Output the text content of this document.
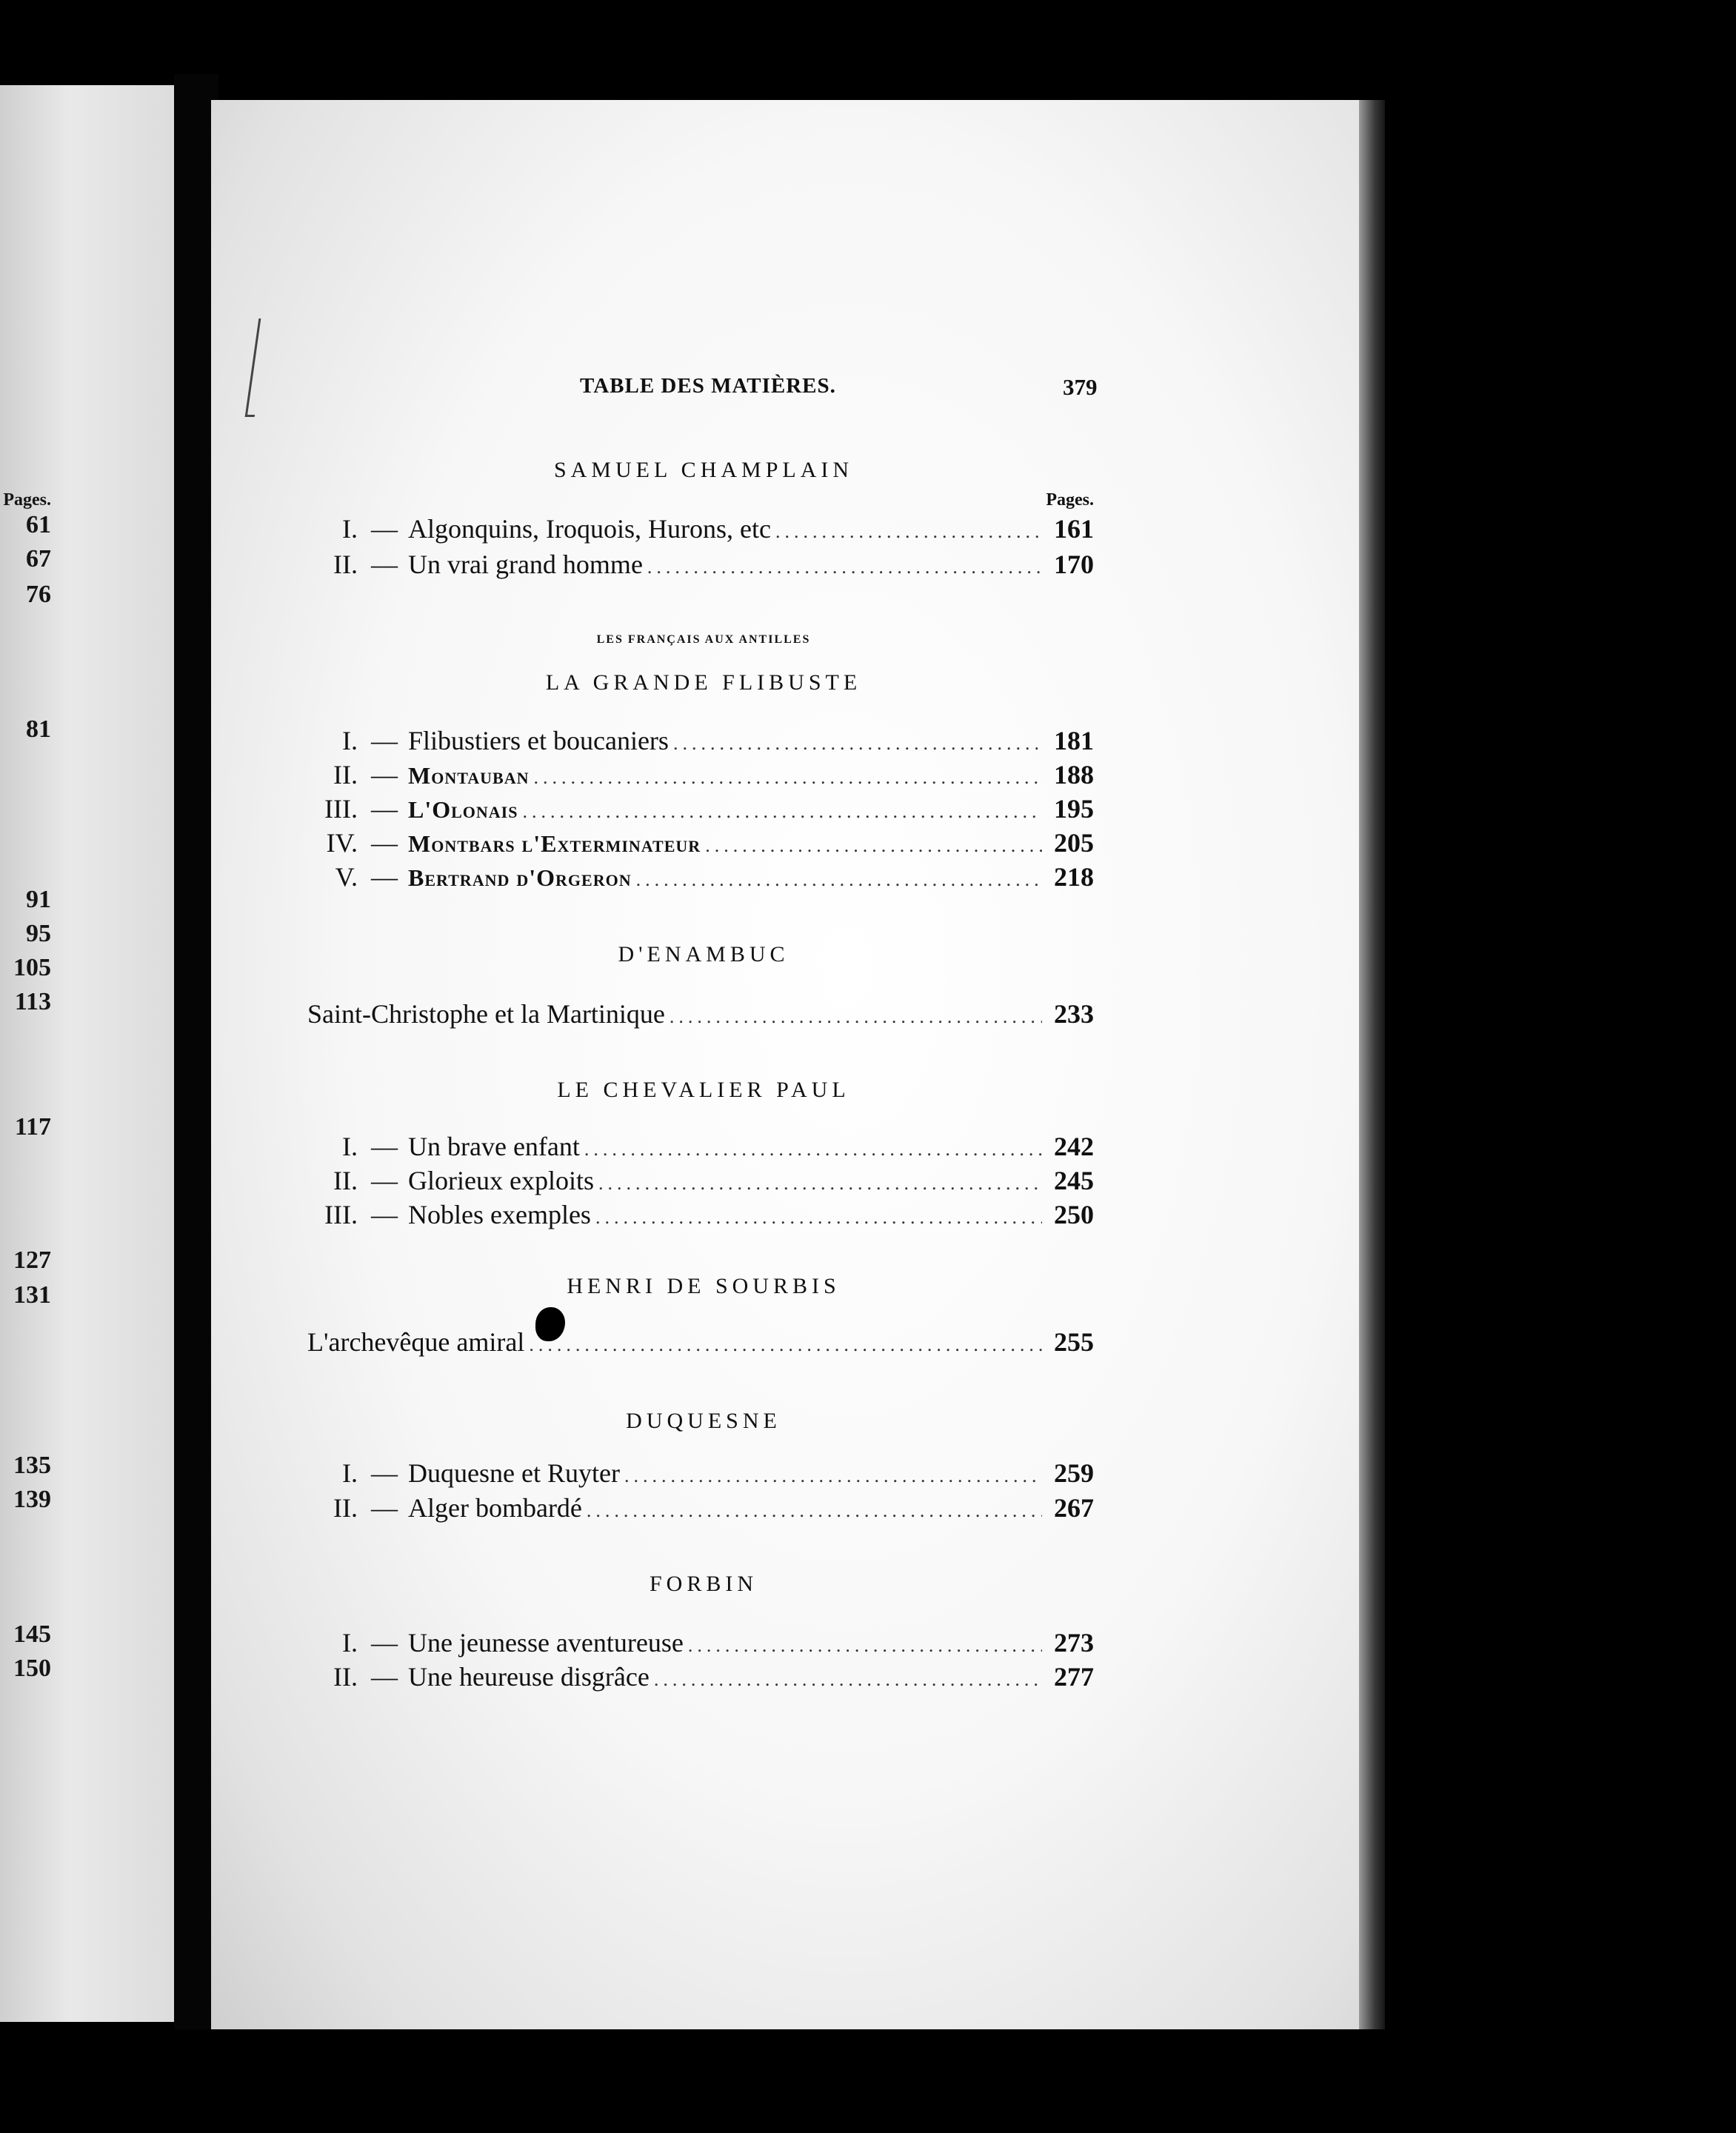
Pages.
61
67
76
81
91
95
105
113
117
127
131
135
139
145
150
TABLE DES MATIÈRES.	379
SAMUEL CHAMPLAIN
Pages.
I. — Algonquins, Iroquois, Hurons, etc .....	161
II. — Un vrai grand homme .....	170
LES FRANÇAIS AUX ANTILLES
LA GRANDE FLIBUSTE
I. — Flibustiers et boucaniers .....	181
II. — Montauban .....	188
III. — L'Olonais .....	195
IV. — Montbars l'Exterminateur .....	205
V. — Bertrand d'Orgeron .....	218
D'ENAMBUC
Saint-Christophe et la Martinique .....	233
LE CHEVALIER PAUL
I. — Un brave enfant .....	242
II. — Glorieux exploits .....	245
III. — Nobles exemples .....	250
HENRI DE SOURBIS
L'archevêque amiral .....	255
DUQUESNE
I. — Duquesne et Ruyter .....	259
II. — Alger bombardé .....	267
FORBIN
I. — Une jeunesse aventureuse .....	273
II. — Une heureuse disgrâce .....	277
